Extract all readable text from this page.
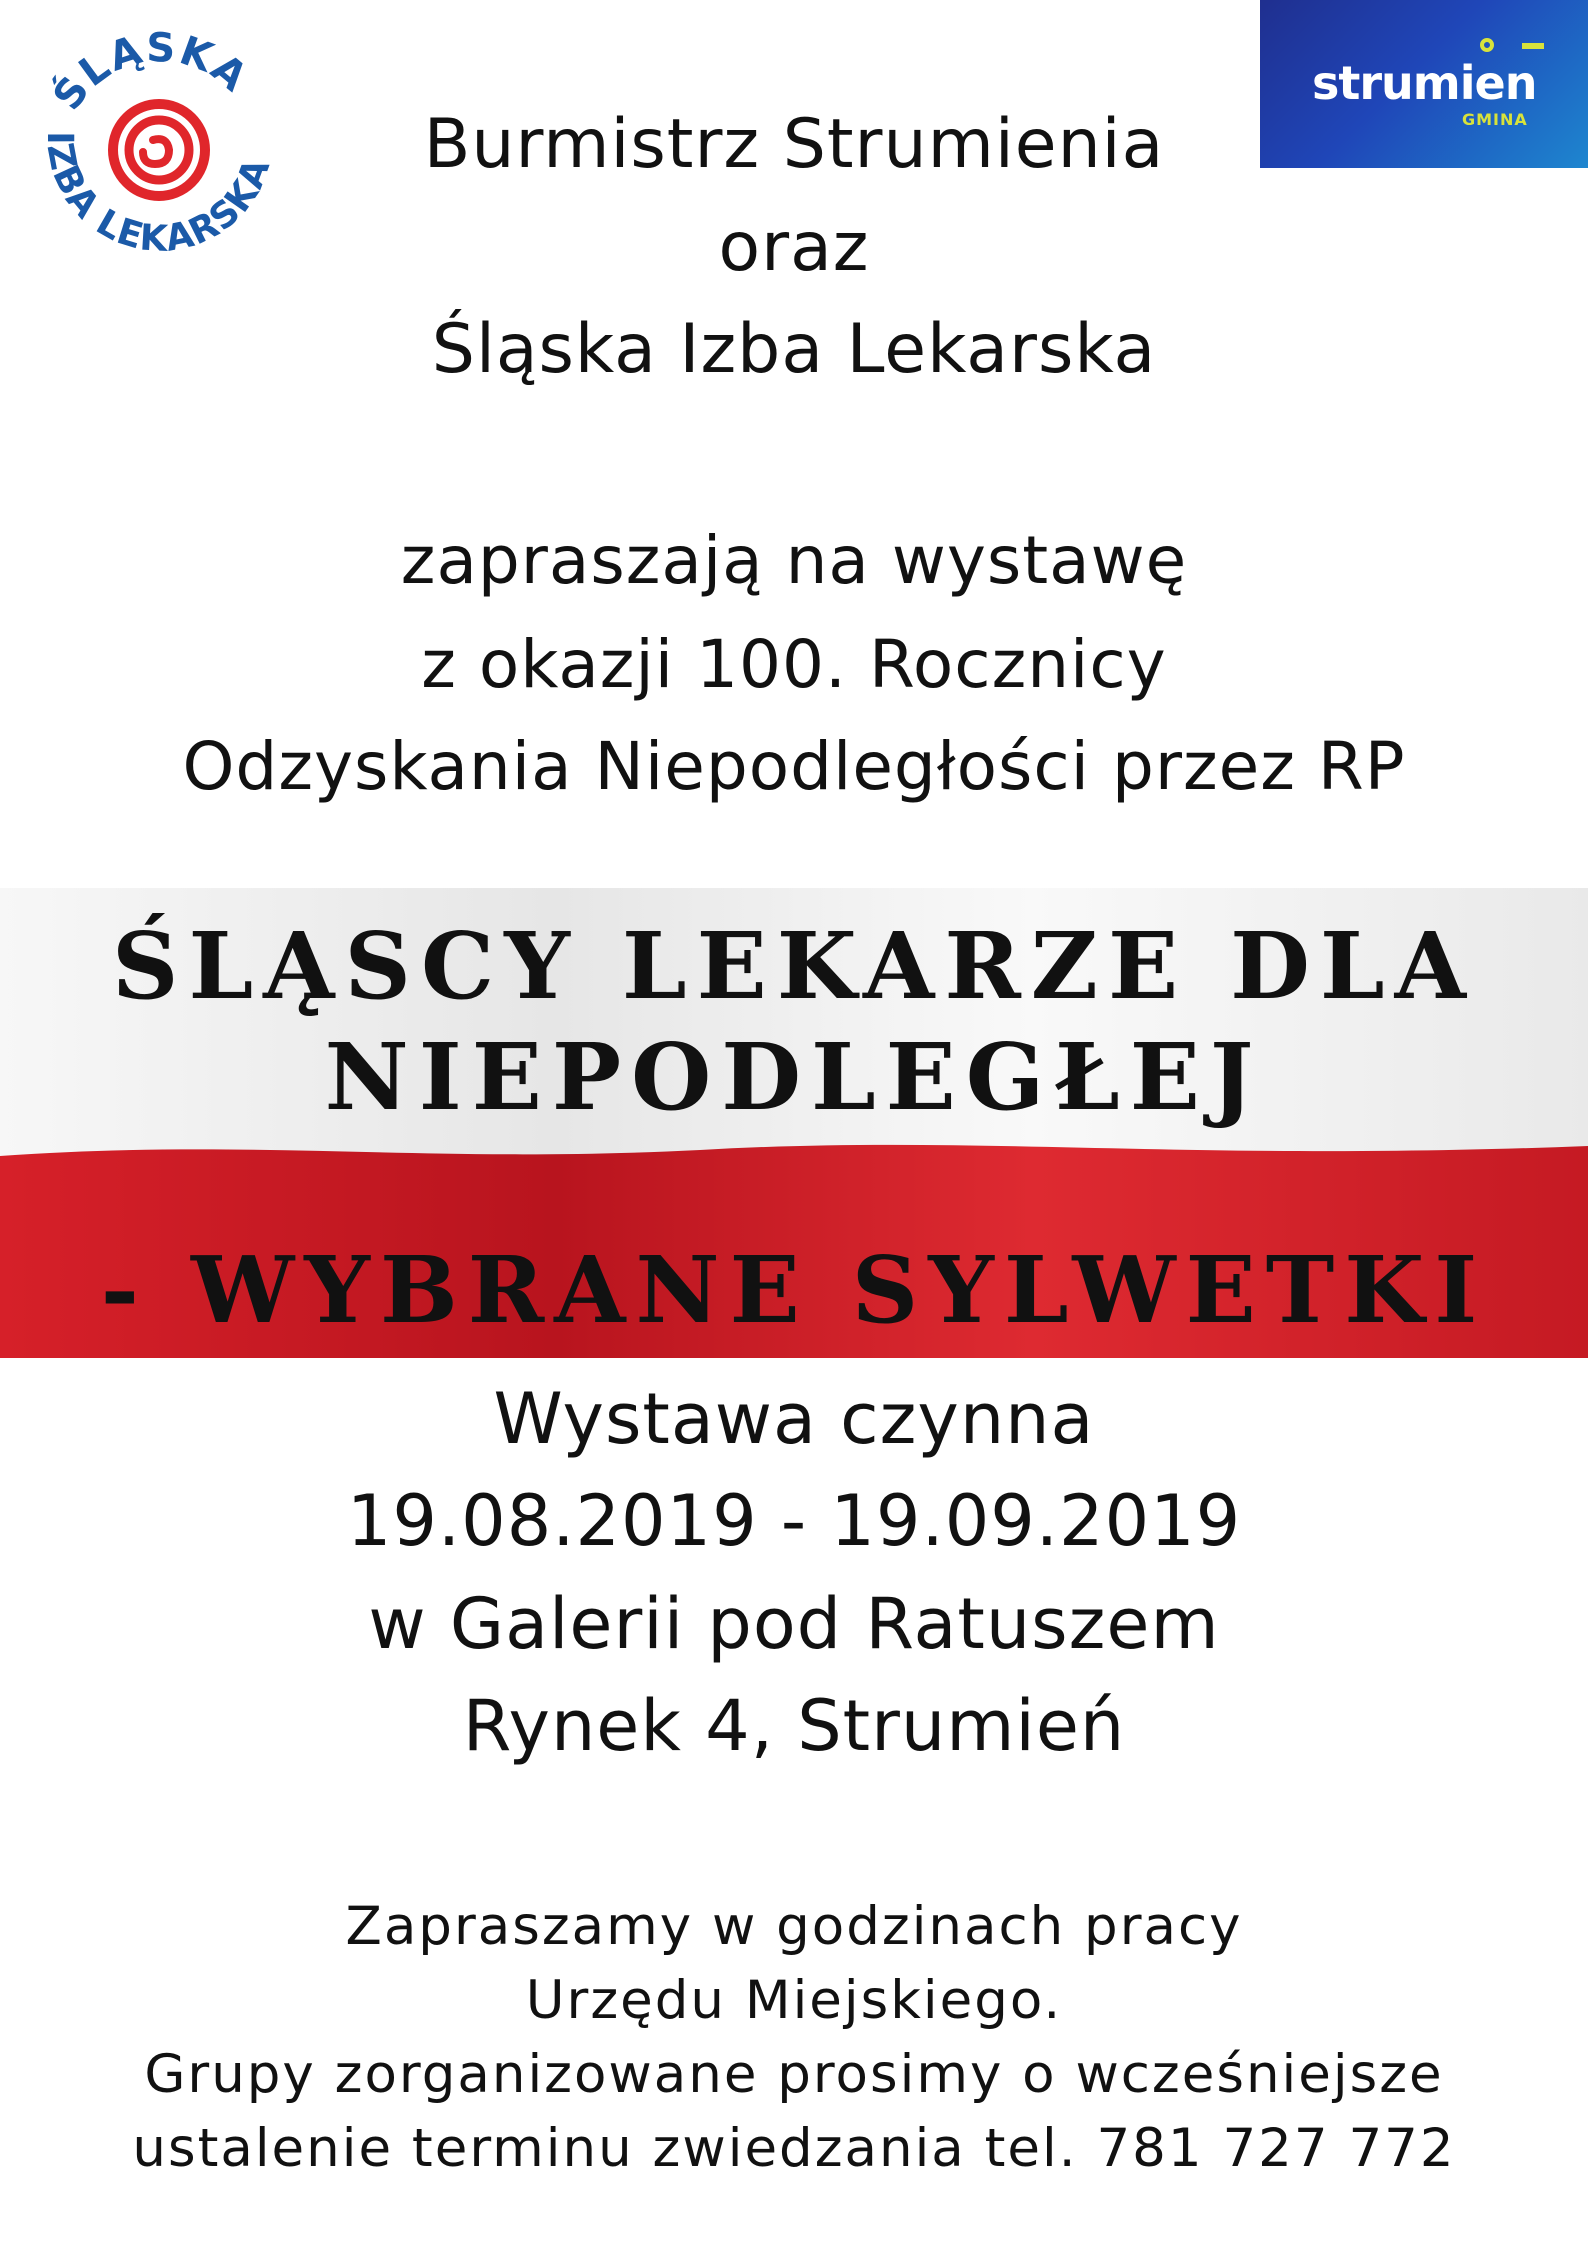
ŚLĄSKA
IZBA LEKARSKA
strumien
GMINA
Burmistrz Strumienia
oraz
Śląska Izba Lekarska
zapraszają na wystawę
z okazji 100. Rocznicy
Odzyskania Niepodległości przez RP
ŚLĄSCY LEKARZE DLA
NIEPODLEGŁEJ
- WYBRANE SYLWETKI
Wystawa czynna
19.08.2019 - 19.09.2019
w Galerii pod Ratuszem
Rynek 4, Strumień
Zapraszamy w godzinach pracy
Urzędu Miejskiego.
Grupy zorganizowane prosimy o wcześniejsze
ustalenie terminu zwiedzania tel. 781 727 772
